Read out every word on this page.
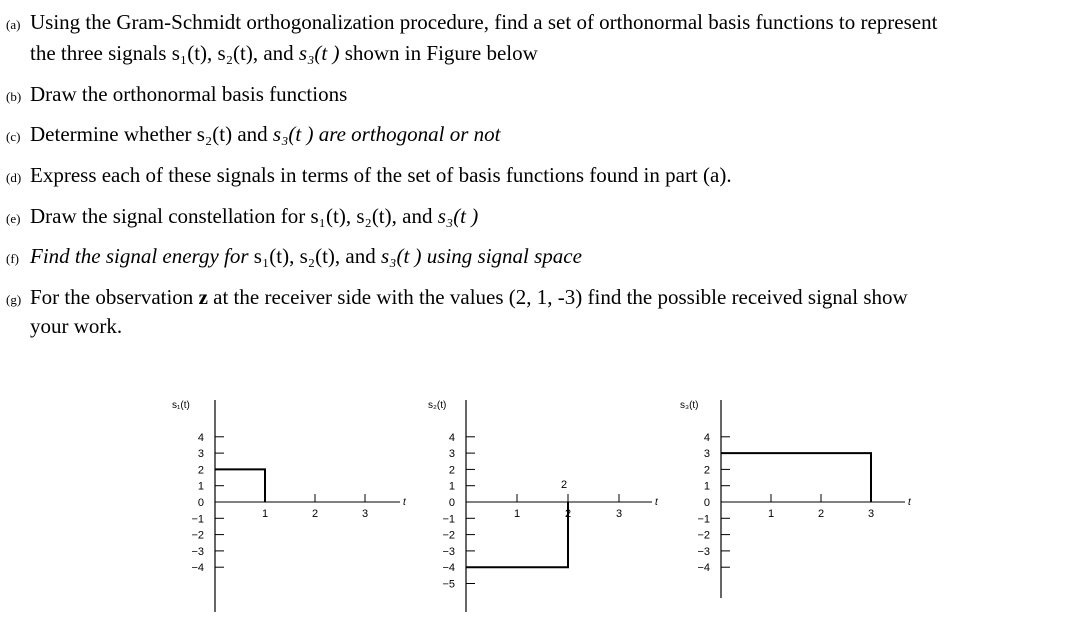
(a) Using the Gram-Schmidt orthogonalization procedure, find a set of orthonormal basis functions to represent
the three signals s₁(t), s₂(t), and s₃(t ) shown in Figure below
(b) Draw the orthonormal basis functions
(c) Determine whether s₂(t) and s₃(t ) are orthogonal or not
(d) Express each of these signals in terms of the set of basis functions found in part (a).
(e) Draw the signal constellation for s₁(t), s₂(t), and s₃(t )
(f) Find the signal energy for s₁(t), s₂(t), and s₃(t ) using signal space
(g) For the observation z at the receiver side with the values (2, 1, -3) find the possible received signal show
your work.
s₁(t)
4
3
2
1
0
−1
−2
−3
−4
1	2	3
t
s₂(t)
4
3
2
1
0
−1
−2
−3
−4
−5
1	2	3
t
2
s₃(t)
4
3
2
1
0
−1
−2
−3
−4
1	2	3
t
